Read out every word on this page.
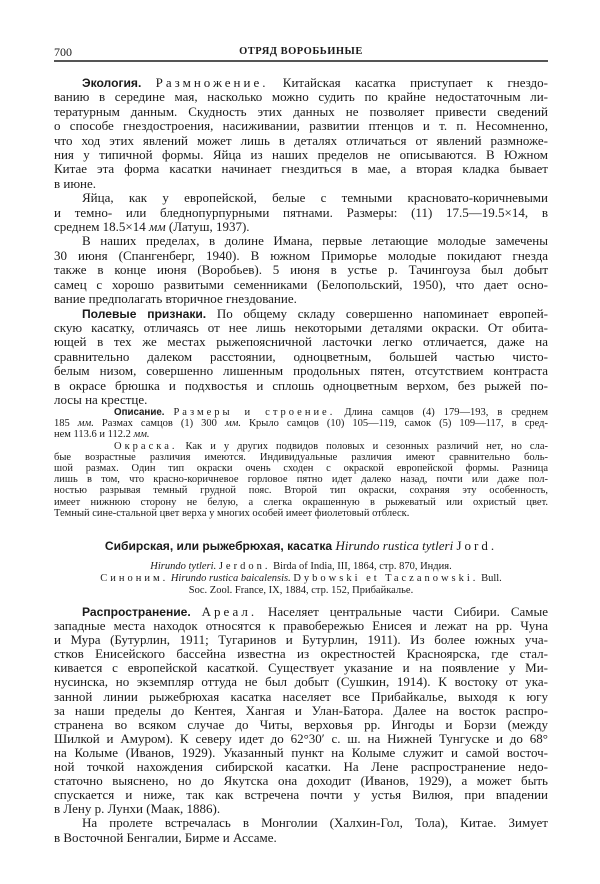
700	ОТРЯД ВОРОБЬИНЫЕ
Экология. Размножение. Китайская касатка приступает к гнездо-
ванию в середине мая, насколько можно судить по крайне недостаточным ли-
тературным данным. Скудность этих данных не позволяет привести сведений
о способе гнездостроения, насиживании, развитии птенцов и т. п. Несомненно,
что ход этих явлений может лишь в деталях отличаться от явлений размноже-
ния у типичной формы. Яйца из наших пределов не описываются. В Южном
Китае эта форма касатки начинает гнездиться в мае, а вторая кладка бывает
в июне.
Яйца, как у европейской, белые с темными красновато-коричневыми
и темно- или бледнопурпурными пятнами. Размеры: (11) 17.5—19.5×14, в
среднем 18.5×14 мм (Латуш, 1937).
В наших пределах, в долине Имана, первые летающие молодые замечены
30 июня (Спангенберг, 1940). В южном Приморье молодые покидают гнезда
также в конце июня (Воробьев). 5 июня в устье р. Тачингоуза был добыт
самец с хорошо развитыми семенниками (Белопольский, 1950), что дает осно-
вание предполагать вторичное гнездование.
Полевые признаки. По общему складу совершенно напоминает европей-
скую касатку, отличаясь от нее лишь некоторыми деталями окраски. От обита-
ющей в тех же местах рыжепоясничной ласточки легко отличается, даже на
сравнительно далеком расстоянии, одноцветным, большей частью чисто-
белым низом, совершенно лишенным продольных пятен, отсутствием контраста
в окрасе брюшка и подхвостья и сплошь одноцветным верхом, без рыжей по-
лосы на крестце.
Описание. Размеры и строение. Длина самцов (4) 179—193, в среднем
185 мм. Размах самцов (1) 300 мм. Крыло самцов (10) 105—119, самок (5) 109—117, в сред-
нем 113.6 и 112.2 мм.
Окраска. Как и у других подвидов половых и сезонных различий нет, но сла-
бые возрастные различия имеются. Индивидуальные различия имеют сравнительно боль-
шой размах. Один тип окраски очень сходен с окраской европейской формы. Разница
лишь в том, что красно-коричневое горловое пятно идет далеко назад, почти или даже пол-
ностью разрывая темный грудной пояс. Второй тип окраски, сохраняя эту особенность,
имеет нижнюю сторону не белую, а слегка окрашенную в рыжеватый или охристый цвет.
Темный сине-стальной цвет верха у многих особей имеет фиолетовый отблеск.
Сибирская, или рыжебрюхая, касатка Hirundo rustica tytleri Jord.
Hirundo tytleri. Jerdon. Birda of India, III, 1864, стр. 870, Индия.
Синоним. Hirundo rustica baicalensis. Dybowski et Taczanowski. Bull.
Soc. Zool. France, IX, 1884, стр. 152, Прибайкалье.
Распространение. Ареал. Населяет центральные части Сибири. Самые
западные места находок относятся к правобережью Енисея и лежат на рр. Чуна
и Мура (Бутурлин, 1911; Тугаринов и Бутурлин, 1911). Из более южных уча-
стков Енисейского бассейна известна из окрестностей Красноярска, где стал-
кивается с европейской касаткой. Существует указание и на появление у Ми-
нусинска, но экземпляр оттуда не был добыт (Сушкин, 1914). К востоку от ука-
занной линии рыжебрюхая касатка населяет все Прибайкалье, выходя к югу
за наши пределы до Кентея, Хангая и Улан-Батора. Далее на восток распро-
странена во всяком случае до Читы, верховья рр. Ингоды и Борзи (между
Шилкой и Амуром). К северу идет до 62°30′ с. ш. на Нижней Тунгуске и до 68°
на Колыме (Иванов, 1929). Указанный пункт на Колыме служит и самой восточ-
ной точкой нахождения сибирской касатки. На Лене распространение недо-
статочно выяснено, но до Якутска она доходит (Иванов, 1929), а может быть
спускается и ниже, так как встречена почти у устья Вилюя, при впадении
в Лену р. Лунхи (Маак, 1886).
На пролете встречалась в Монголии (Халхин-Гол, Тола), Китае. Зимует
в Восточной Бенгалии, Бирме и Ассаме.
